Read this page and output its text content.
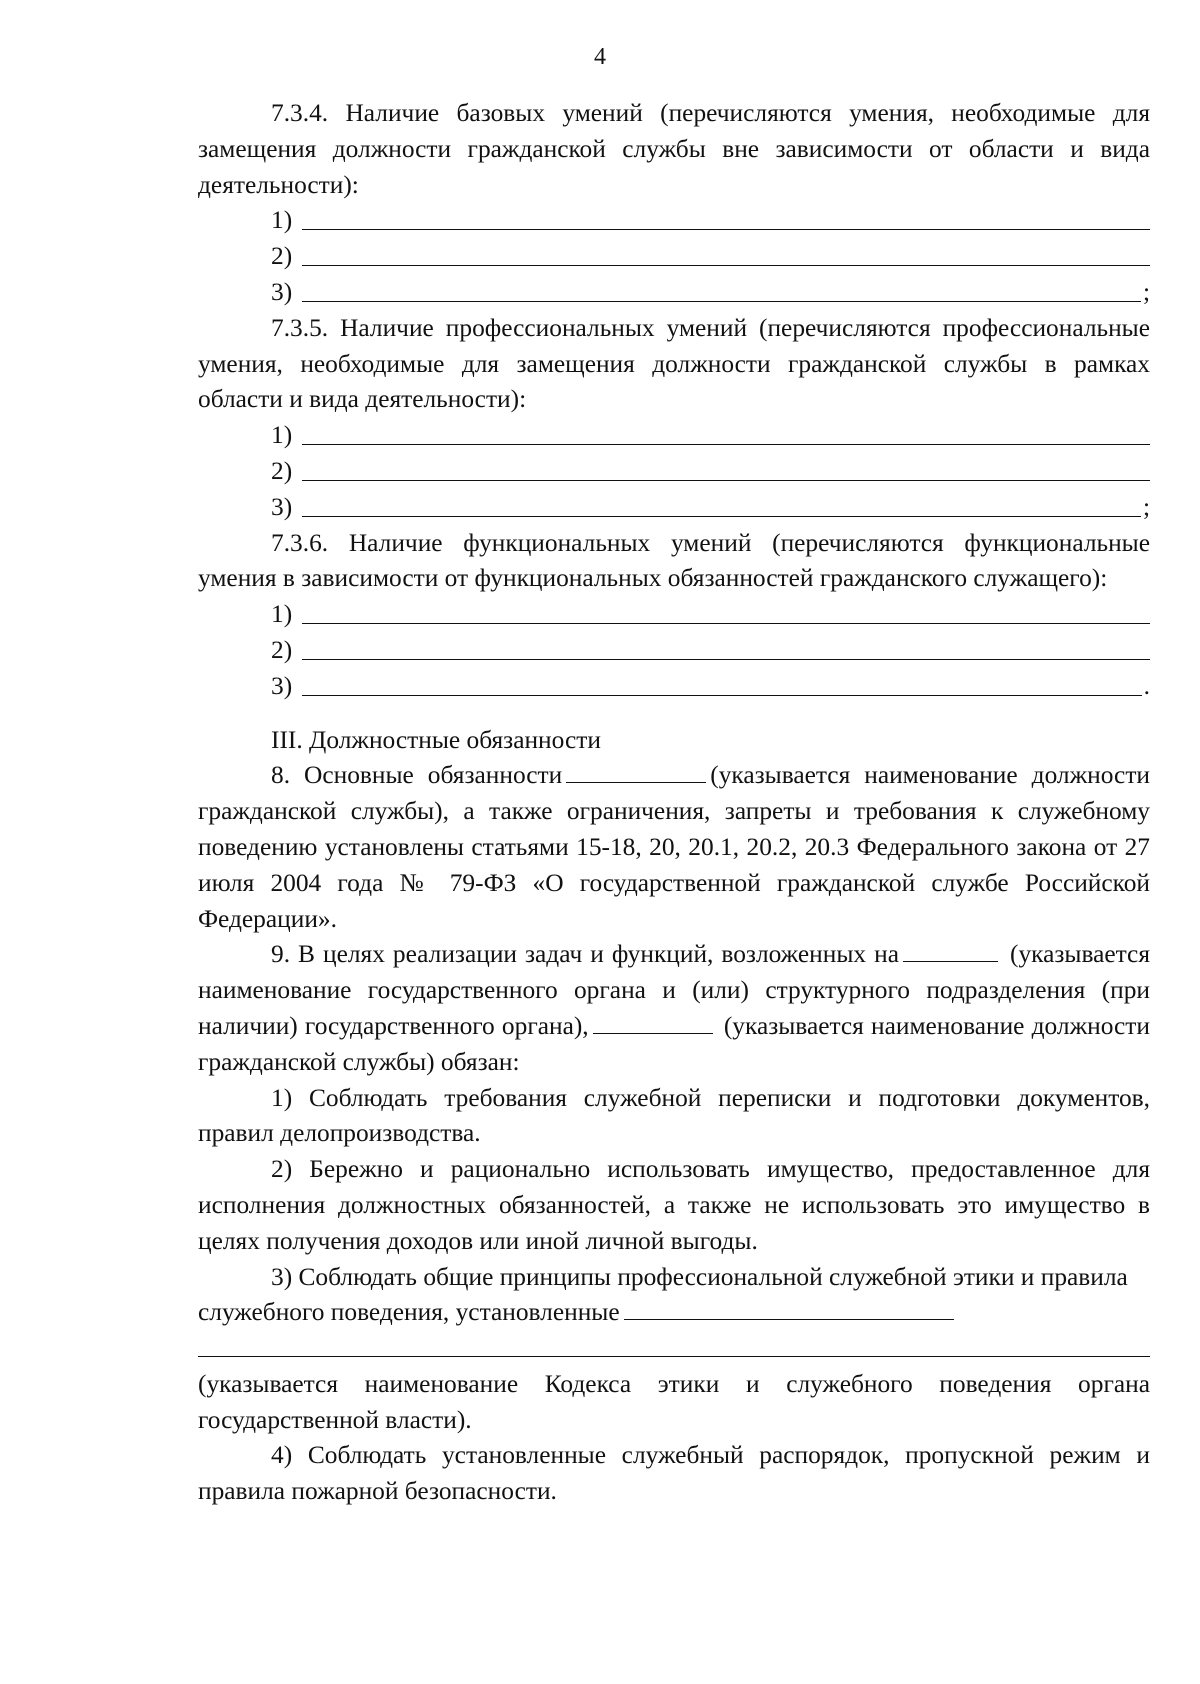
4

7.3.4. Наличие базовых умений (перечисляются умения, необходимые для замещения должности гражданской службы вне зависимости от области и вида деятельности):

1)
2)
3)	;

7.3.5. Наличие профессиональных умений (перечисляются профессиональные умения, необходимые для замещения должности гражданской службы в рамках области и вида деятельности):

1)
2)
3)	;

7.3.6. Наличие функциональных умений (перечисляются функциональные умения в зависимости от функциональных обязанностей гражданского служащего):

1)
2)
3)	.

III. Должностные обязанности

8. Основные обязанности	(указывается наименование должности гражданской службы), а также ограничения, запреты и требования к служебному поведению установлены статьями 15-18, 20, 20.1, 20.2, 20.3 Федерального закона от 27 июля 2004 года № 79-ФЗ «О государственной гражданской службе Российской Федерации».

9. В целях реализации задач и функций, возложенных на	(указывается наименование государственного органа и (или) структурного подразделения (при наличии) государственного органа),	(указывается наименование должности гражданской службы) обязан:

1) Соблюдать требования служебной переписки и подготовки документов, правил делопроизводства.

2) Бережно и рационально использовать имущество, предоставленное для исполнения должностных обязанностей, а также не использовать это имущество в целях получения доходов или иной личной выгоды.

3) Соблюдать общие принципы профессиональной служебной этики и правила служебного поведения, установленные

(указывается наименование Кодекса этики и служебного поведения органа государственной власти).

4) Соблюдать установленные служебный распорядок, пропускной режим и правила пожарной безопасности.
